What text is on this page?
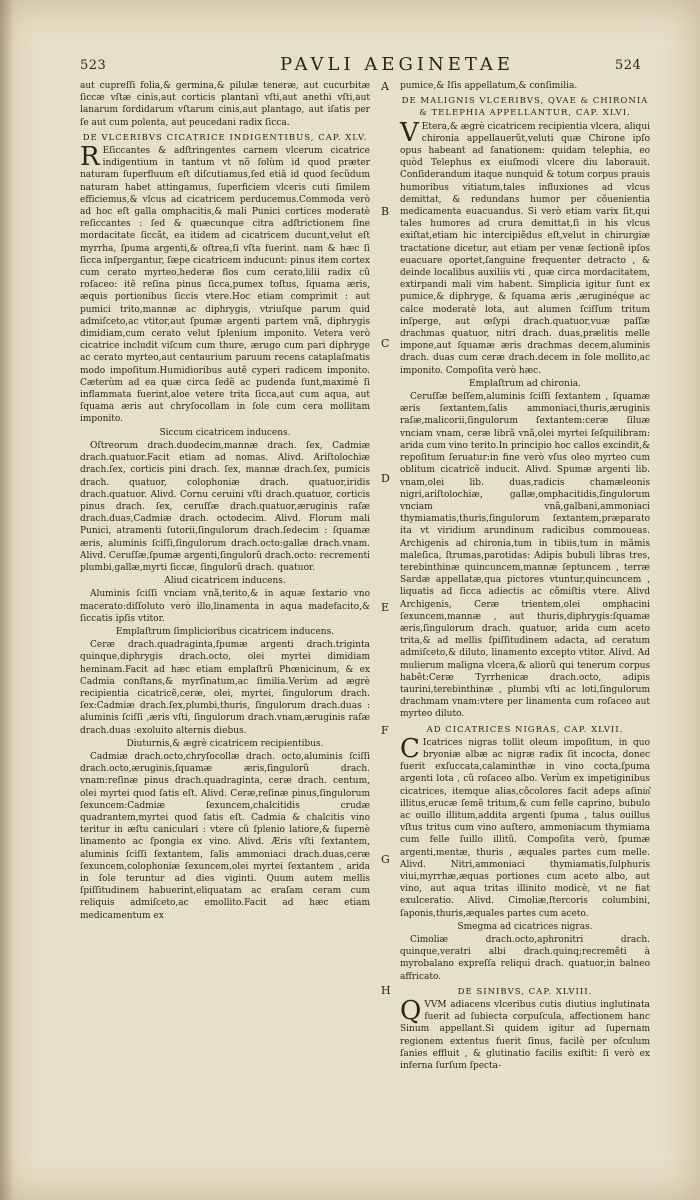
523	PAVLI AEGINETAE	524

aut cupreſſi folia,& germina,& pilulæ teneræ, aut cucurbitæ ſiccæ vſtæ cinis,aut corticis plantani vſti,aut anethi vſti,aut lanarum ſordidarum vſtarum cinis,aut plantago, aut iſatis per ſe aut cum polenta, aut peucedani radix ſicca.

DE VLCERIBVS CICATRICE INDIGENTIBUS, CAP. XLV.

R Eſiccantes & adſtringentes carnem vlcerum cicatrice indigentium in tantum vt nõ ſolùm id quod præter naturam ſuperfluum eſt diſcutiamus,ſed etiã id quod ſecũdum naturam habet attingamus, ſuperficiem vlceris cuti ſimilem efficiemus,& vlcus ad cicatricem perducemus.Commoda verò ad hoc eſt galla omphacitis,& mali Punici cortices moderatè reſiccantes : ſed & quæcunque citra adſtrictionem ſine mordacitate ſiccãt, ea itidem ad cicatricem ducunt,velut eſt myrrha, ſpuma argenti,& oſtrea,ſi vſta fuerint. nam & hæc ſi ſicca inſpergantur, ſæpe cicatricem inducunt: pinus item cortex cum cerato myrteo,hederæ flos cum cerato,lilii radix cũ roſaceo: itẽ reſina pinus ſicca,pumex toſtus, ſquama æris, æquis portionibus ſiccis vtere.Hoc etiam comprimit : aut pumici trito,mannæ ac diphrygis, vtriuſque parum quid admiſceto,ac vtitor,aut ſpumæ argenti partem vnã, diphrygis dimidiam,cum cerato velut ſplenium imponito. Vetera verò cicatrice includit viſcum cum thure, ærugo cum pari diphryge ac cerato myrteo,aut centaurium paruum recens cataplaſmatis modo impoſitum.Humidioribus autẽ cyperi radicem imponito. Cæterùm ad ea quæ circa ſedẽ ac pudenda ſunt,maximè ſi inflammata fuerint,aloe vetere trita ſicca,aut cum aqua, aut ſquama æris aut chryſocollam in ſole cum cera mollitam imponito.

Siccum cicatricem inducens.

Oſtreorum drach.duodecim,mannæ drach. ſex, Cadmiæ drach.quatuor.Facit etiam ad nomas. Alivd. Ariſtolochiæ drach.ſex, corticis pini drach. ſex, mannæ drach.ſex, pumicis drach. quatuor, colophoniæ drach. quatuor,iridis drach.quatuor. Alivd. Cornu ceruini vſti drach.quatuor, corticis pinus drach. ſex, ceruſſæ drach.quatuor,æruginis raſæ drach.duas,Cadmiæ drach. octodecim. Alivd. Florum mali Punici, atramenti ſutorii,ſingulorum drach.ſedecim : ſquamæ æris, aluminis ſciſſi,ſingulorum drach.octo:gallæ drach.vnam. Alivd. Ceruſſæ,ſpumæ argenti,ſingulorũ drach.octo: recrementi plumbi,gallæ,myrti ſiccæ, ſingulorũ drach. quatuor.

Aliud cicatricem inducens.

Aluminis ſciſſi vnciam vnã,terito,& in aquæ ſextario vno macerato:diſſoluto verò illo,linamenta in aqua madefacito,& ſiccatis ipſis vtitor.

Emplaſtrum ſimplicioribus cicatricem inducens.

Ceræ drach.quadraginta,ſpumæ argenti drach.triginta quinque,diphrygis drach.octo, olei myrtei dimidiam heminam.Facit ad hæc etiam emplaſtrũ Phœnicinum, & ex Cadmia conſtans,& myrſinatum,ac ſimilia.Verùm ad ægrè recipientia cicatricẽ,ceræ, olei, myrtei, ſingulorum drach. ſex:Cadmiæ drach.ſex,plumbi,thuris, ſingulorum drach.duas : aluminis ſciſſi ,æris vſti, ſingulorum drach.vnam,æruginis raſæ drach.duas :exoluito alternis diebus.

Diuturnis,& ægrè cicatricem recipientibus.

Cadmiæ drach.octo,chryſocollæ drach. octo,aluminis ſciſſi drach.octo,æruginis,ſquamæ æris,ſingulorũ drach. vnam:reſinæ pinus drach.quadraginta, ceræ drach. centum, olei myrtei quod ſatis eſt. Alivd. Ceræ,reſinæ pinus,ſingulorum ſexuncem:Cadmiæ ſexuncem,chalcitidis crudæ quadrantem,myrtei quod ſatis eſt. Cadmia & chalcitis vino teritur in æſtu caniculari : vtere cũ ſplenio latiore,& ſupernè linamento ac ſpongia ex vino. Alivd. Æris vſti ſextantem, aluminis ſciſſi ſextantem, ſalis ammoniaci drach.duas,ceræ ſexuncem,colophoniæ ſexuncem,olei myrtei ſextantem , arida in ſole teruntur ad dies viginti. Quum autem mellis ſpiſſitudinem habuerint,eliquatam ac eraſam ceram cum reliquis admiſceto,ac emollito.Facit ad hæc etiam medicamentum ex

pumice,& Iſis appellatum,& conſimilia.

DE MALIGNIS VLCERIBVS, QVAE & CHIRONIA & TELEPHIA APPELLANTUR, CAP. XLVI.

V Etera,& ægrè cicatricem recipientia vlcera, aliqui chironia appellauerũt,veluti quæ Chirone ipſo opus habeant ad ſanationem: quidam telephia, eo quòd Telephus ex eiuſmodi vlcere diu laborauit. Conſiderandum itaque nunquid & totum corpus prauis humoribus vitiatum,tales influxiones ad vlcus demittat, & redundans humor per cõuenientia medicamenta euacuandus. Si verò etiam varix ſit,qui tales humores ad crura demittat,ſi in his vlcus exiſtat,etiam hic intercipiẽdus eſt,velut in chirurgiæ tractatione dicetur, aut etiam per venæ ſectionẽ ipſos euacuare oportet,ſanguine frequenter detracto , & deinde localibus auxiliis vti , quæ circa mordacitatem, extirpandi mali vim habent. Simplicia igitur ſunt ex pumice,& diphryge, & ſquama æris ,æruginéque ac calce moderatè lota, aut alumen ſciſſum tritum inſperge, aut œſypi drach.quatuor,vuæ paſſæ drachmas quatuor, nitri drach. duas,prælitis melle impone,aut ſquamæ æris drachmas decem,aluminis drach. duas cum ceræ drach.decem in ſole mollito,ac imponito. Compoſita verò hæc.

Emplaſtrum ad chironia.

Ceruſſæ beſſem,aluminis ſciſſi ſextantem , ſquamæ æris ſextantem,ſalis ammoniaci,thuris,æruginis raſæ,malicorii,ſingulorum ſextantem:ceræ ſiluæ vnciam vnam, ceræ librã vnã,olei myrtei ſeſquilibram: arida cum vino terito.In principio hoc callos excindit,& repoſitum ſeruatur:in fine verò vſus oleo myrteo cum oblitum cicatricẽ inducit. Alivd. Spumæ argenti lib. vnam,olei lib. duas,radicis chamæleonis nigri,ariſtolochiæ, gallæ,omphacitidis,ſingulorum vnciam vnã,galbani,ammoniaci thymiamatis,thuris,ſingulorum ſextantem,præparato ita vt viridium arundinum radicibus commoueas. Archigenis ad chironia,tum in tibiis,tum in mãmis maleſica, ſtrumas,parotidas: Adipis bubuli libras tres, terebinthinæ quincuncem,mannæ ſeptuncem , terræ Sardæ appellatæ,qua pictores vtuntur,quincuncem , liquatis ad ſicca adiectis ac cõmiſtis vtere. Alivd Archigenis, Ceræ trientem,olei omphacini ſexuncem,mannæ , aut thuris,diphrygis:ſquamæ æris,ſingulorum drach. quatuor, arida cum aceto trita,& ad mellis ſpiſſitudinem adacta, ad ceratum admiſceto,& diluto, linamento excepto vtitor. Alivd. Ad mulierum maligna vlcera,& aliorũ qui tenerum corpus habẽt:Ceræ Tyrrhenicæ drach.octo, adipis taurini,terebinthinæ , plumbi vſti ac loti,ſingulorum drachmam vnam:vtere per linamenta cum roſaceo aut myrteo diluto.

AD CICATRICES NIGRAS, CAP. XLVII.

C Icatrices nigras tollit oleum impoſitum, in quo bryoniæ albæ ac nigræ radix ſit incocta, donec fuerit exſuccata,calaminthæ in vino cocta,ſpuma argenti lota , cũ roſaceo albo. Verùm ex impetiginibus cicatrices, itemque alias,cõcolores facit adeps aſinin͛ illitus,erucæ ſemẽ tritum,& cum felle caprino, bubulo ac ouillo illitum,addita argenti ſpuma , talus ouillus vſtus tritus cum vino auſtero, ammoniacum thymiama cum felle ſuillo illitũ. Compoſita verò, ſpumæ argenti,mentæ, thuris , æquales partes cum melle. Alivd. Nitri,ammoniaci thymiamatis,ſulphuris viui,myrrhæ,æquas portiones cum aceto albo, aut vino, aut aqua tritas illinito modicè, vt ne fiat exulceratio. Alivd. Cimoliæ,ſtercoris columbini, ſaponis,thuris,æquales partes cum aceto.

Smegma ad cicatrices nigras.

Cimoliæ drach.octo,aphronitri drach. quinque,veratri albi drach.quinq;recremẽti à myrobalano expreſſa reliqui drach. quatuor,in balneo affricato.

DE SINIBVS, CAP. XLVIII.

QVVM adiacens vlceribus cutis diutius inglutinata fuerit ad ſubiecta corpuſcula, affectionem hanc Sinum appellant.Si quidem igitur ad ſupernam regionem extentus fuerit ſinus, facilè per oſculum ſanies effluit , & glutinatio facilis exiſtit: ſi verò ex inferna ſurſum ſpecta-

A
B
C
D
E
F
G
H
